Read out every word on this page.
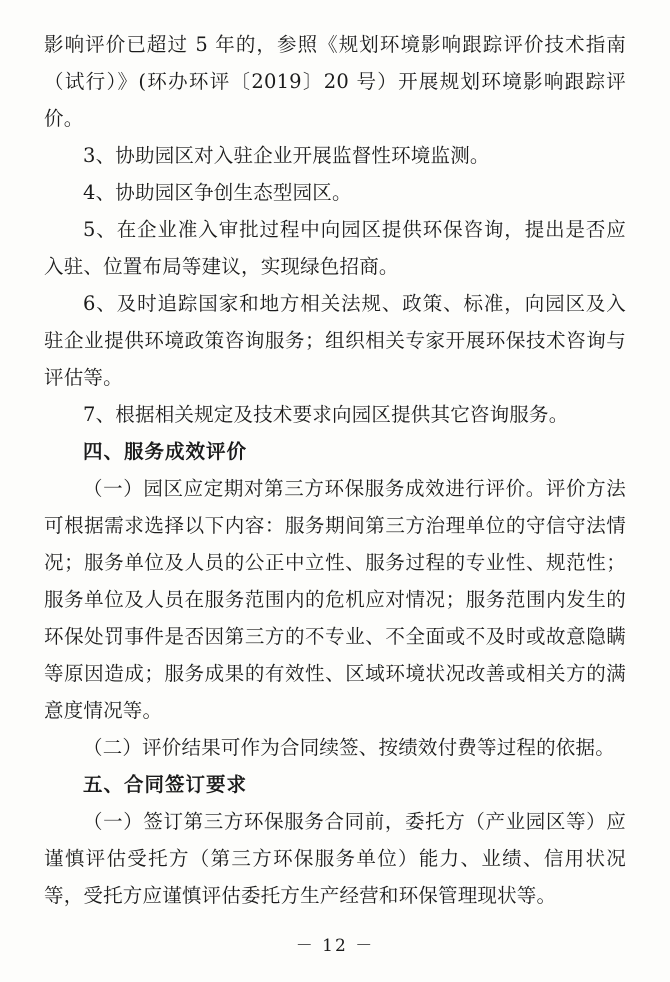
影响评价已超过 5 年的，参照《规划环境影响跟踪评价技术指南（试行）》(环办环评〔2019〕20 号）开展规划环境影响跟踪评价。

3、协助园区对入驻企业开展监督性环境监测。

4、协助园区争创生态型园区。

5、在企业准入审批过程中向园区提供环保咨询，提出是否应入驻、位置布局等建议，实现绿色招商。

6、及时追踪国家和地方相关法规、政策、标准，向园区及入驻企业提供环境政策咨询服务；组织相关专家开展环保技术咨询与评估等。

7、根据相关规定及技术要求向园区提供其它咨询服务。

四、服务成效评价

（一）园区应定期对第三方环保服务成效进行评价。评价方法可根据需求选择以下内容：服务期间第三方治理单位的守信守法情况；服务单位及人员的公正中立性、服务过程的专业性、规范性；服务单位及人员在服务范围内的危机应对情况；服务范围内发生的环保处罚事件是否因第三方的不专业、不全面或不及时或故意隐瞒等原因造成；服务成果的有效性、区域环境状况改善或相关方的满意度情况等。

（二）评价结果可作为合同续签、按绩效付费等过程的依据。

五、合同签订要求

（一）签订第三方环保服务合同前，委托方（产业园区等）应谨慎评估受托方（第三方环保服务单位）能力、业绩、信用状况等，受托方应谨慎评估委托方生产经营和环保管理现状等。

－ 12 －
